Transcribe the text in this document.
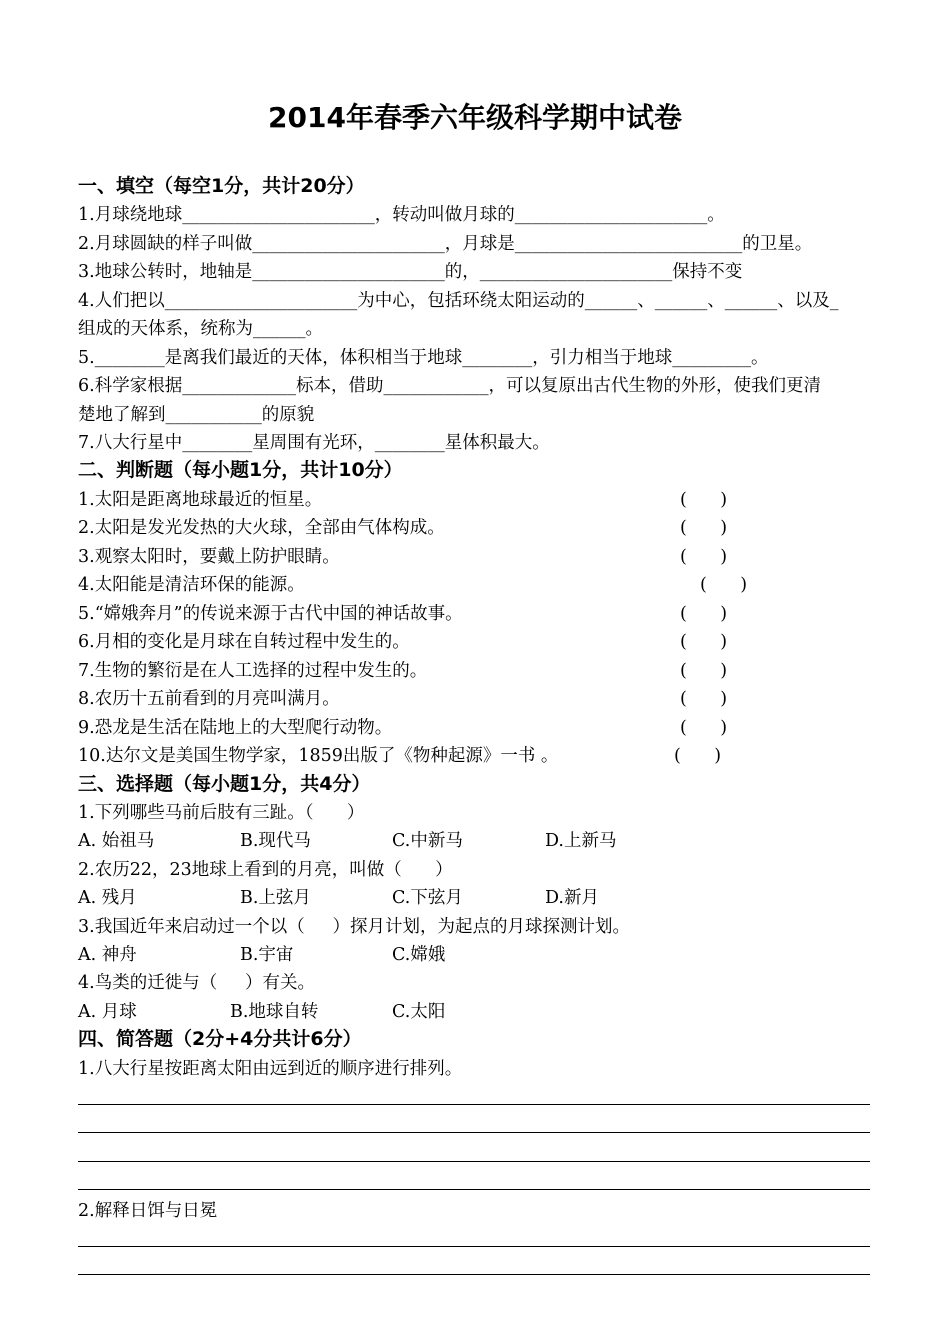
2014年春季六年级科学期中试卷
一、填空（每空1分，共计20分）
1.月球绕地球______________________，转动叫做月球的______________________。
2.月球圆缺的样子叫做______________________，月球是__________________________的卫星。
3.地球公转时，地轴是______________________的，______________________保持不变
4.人们把以______________________为中心，包括环绕太阳运动的______、______、______、以及_
组成的天体系，统称为______。
5.________是离我们最近的天体，体积相当于地球________，引力相当于地球_________。
6.科学家根据_____________标本，借助____________，可以复原出古代生物的外形，使我们更清
楚地了解到___________的原貌
7.八大行星中________星周围有光环，________星体积最大。
二、判断题（每小题1分，共计10分）
1.太阳是距离地球最近的恒星。	(      )
2.太阳是发光发热的大火球，全部由气体构成。	(      )
3.观察太阳时，要戴上防护眼睛。	(      )
4.太阳能是清洁环保的能源。	(      )
5.“嫦娥奔月”的传说来源于古代中国的神话故事。	(      )
6.月相的变化是月球在自转过程中发生的。	(      )
7.生物的繁衍是在人工选择的过程中发生的。	(      )
8.农历十五前看到的月亮叫满月。	(      )
9.恐龙是生活在陆地上的大型爬行动物。	(      )
10.达尔文是美国生物学家，1859出版了《物种起源》一书 。	(      )
三、选择题（每小题1分，共4分）
1.下列哪些马前后肢有三趾。（      ）
A. 始祖马	B.现代马	C.中新马	D.上新马
2.农历22，23地球上看到的月亮，叫做（      ）
A. 残月	B.上弦月	C.下弦月	D.新月
3.我国近年来启动过一个以（     ）探月计划，为起点的月球探测计划。
A. 神舟	B.宇宙	C.嫦娥
4.鸟类的迁徙与（     ）有关。
A. 月球	B.地球自转	C.太阳
四、简答题（2分+4分共计6分）
1.八大行星按距离太阳由远到近的顺序进行排列。
2.解释日饵与日冕
